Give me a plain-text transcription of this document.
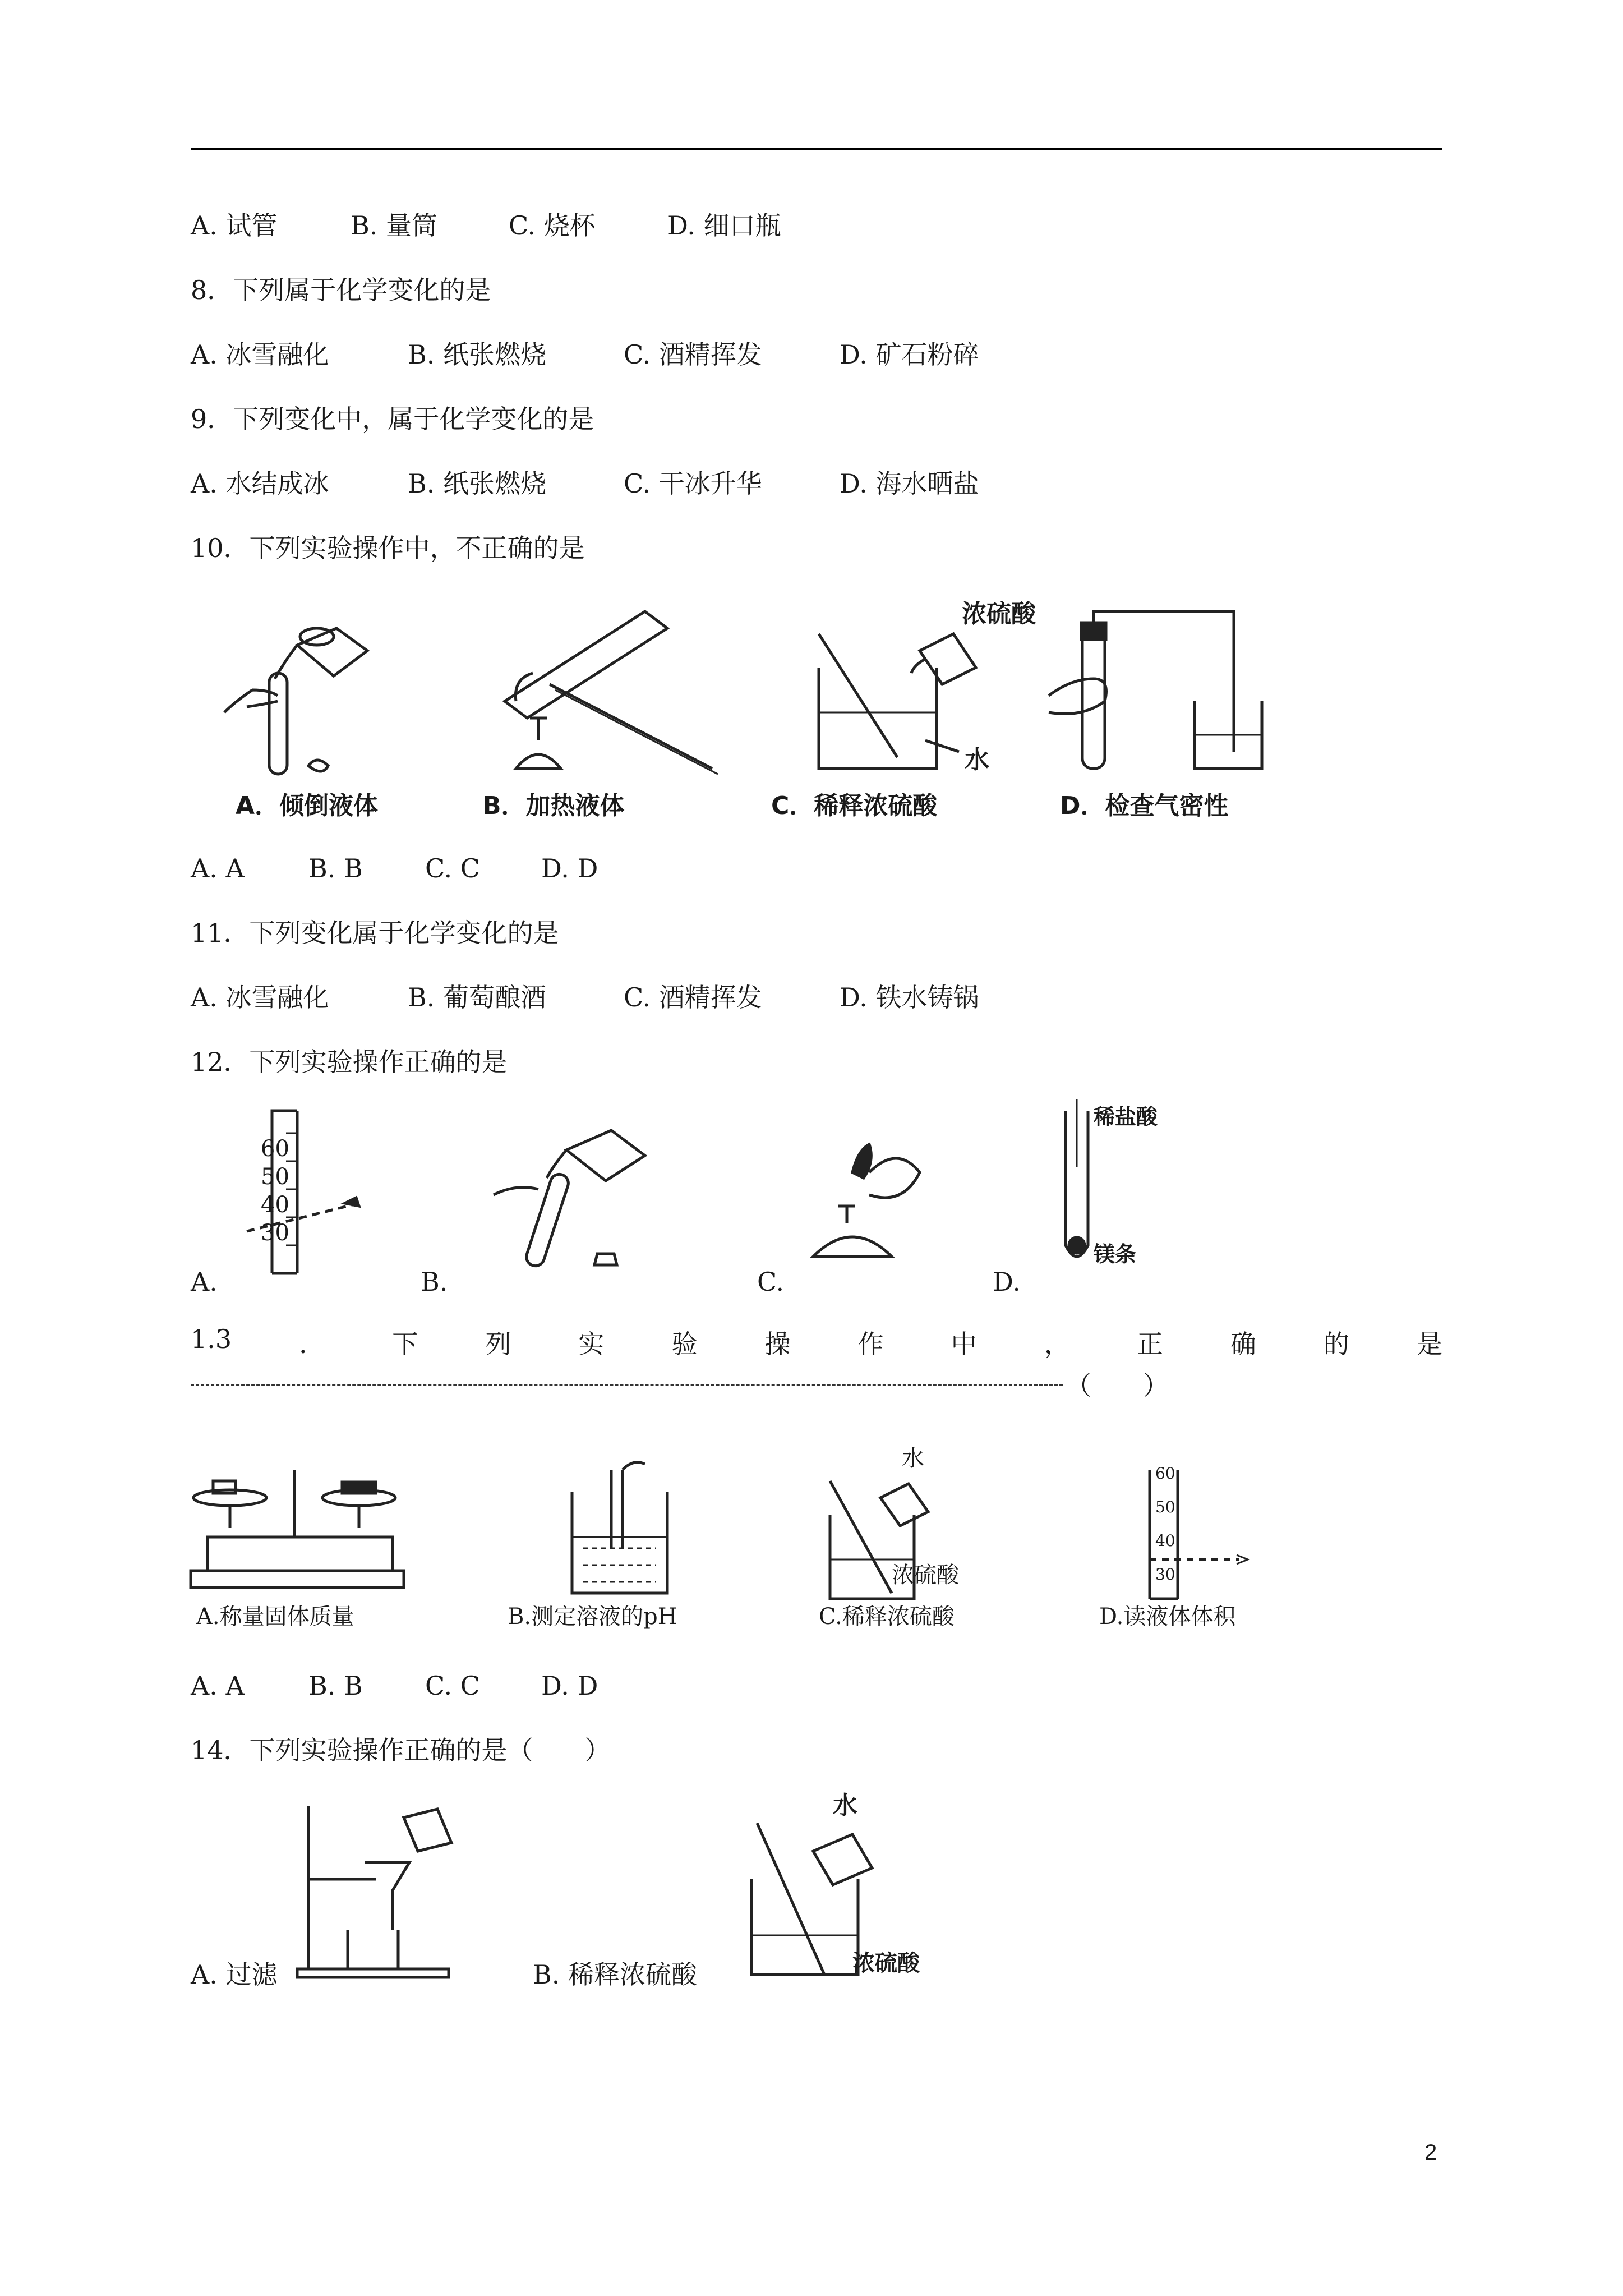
A. 试管	B. 量筒	C. 烧杯	D. 细口瓶
8．下列属于化学变化的是
A. 冰雪融化	B. 纸张燃烧	C. 酒精挥发	D. 矿石粉碎
9．下列变化中，属于化学变化的是
A. 水结成冰	B. 纸张燃烧	C. 干冰升华	D. 海水晒盐
10．下列实验操作中，不正确的是
A．倾倒液体	B．加热液体
浓硫酸
水
C．稀释浓硫酸	D．检查气密性
A. A B. B C. C D. D
11．下列变化属于化学变化的是
A. 冰雪融化	B. 葡萄酿酒	C. 酒精挥发	D. 铁水铸锅
12．下列实验操作正确的是
60
50
40
30
稀盐酸
镁条
A.	B.	C.	D.
1.3	．	下	列	实	验	操	作	中	，	正	确	的	是
（　　）
A.称量固体质量	B.测定溶液的pH
水
浓硫酸
C.稀释浓硫酸
60
50
40
30
D.读液体体积
A. A B. B C. C D. D
14．下列实验操作正确的是（　　）
A. 过滤
水
浓硫酸
B. 稀释浓硫酸
2
